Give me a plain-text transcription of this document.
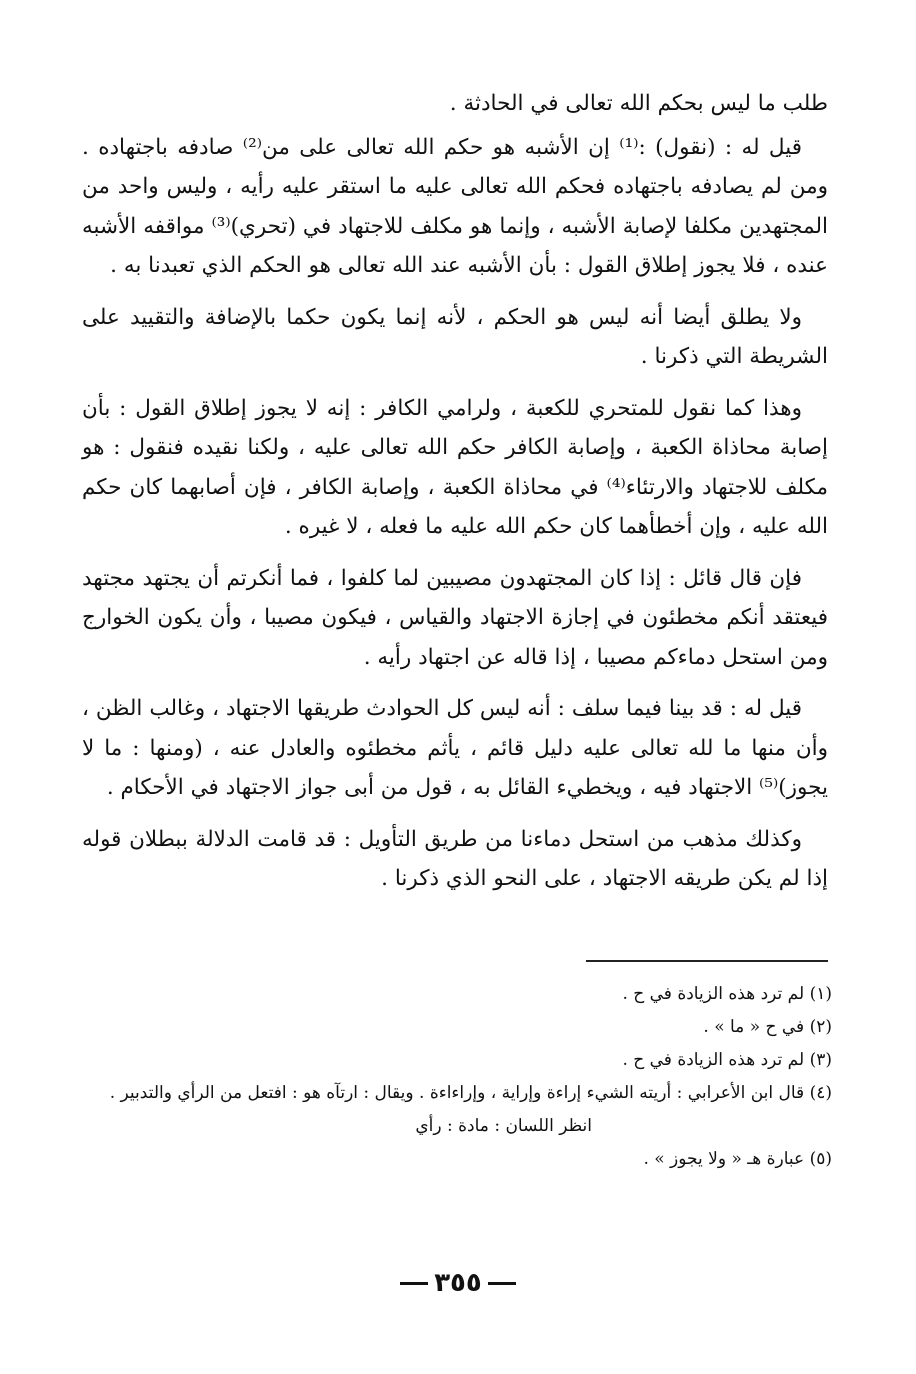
طلب ما ليس بحكم الله تعالى في الحادثة .

قيل له : (نقول) :⁽¹⁾ إن الأشبه هو حكم الله تعالى على من⁽²⁾ صادفه باجتهاده . ومن لم يصادفه باجتهاده فحكم الله تعالى عليه ما استقر عليه رأيه ، وليس واحد من المجتهدين مكلفا لإصابة الأشبه ، وإنما هو مكلف للاجتهاد في (تحري)⁽³⁾ مواقفه الأشبه عنده ، فلا يجوز إطلاق القول : بأن الأشبه عند الله تعالى هو الحكم الذي تعبدنا به .

ولا يطلق أيضا أنه ليس هو الحكم ، لأنه إنما يكون حكما بالإضافة والتقييد على الشريطة التي ذكرنا .

وهذا كما نقول للمتحري للكعبة ، ولرامي الكافر : إنه لا يجوز إطلاق القول : بأن إصابة محاذاة الكعبة ، وإصابة الكافر حكم الله تعالى عليه ، ولكنا نقيده فنقول : هو مكلف للاجتهاد والارتئاء⁽⁴⁾ في محاذاة الكعبة ، وإصابة الكافر ، فإن أصابهما كان حكم الله عليه ، وإن أخطأهما كان حكم الله عليه ما فعله ، لا غيره .

فإن قال قائل : إذا كان المجتهدون مصيبين لما كلفوا ، فما أنكرتم أن يجتهد مجتهد فيعتقد أنكم مخطئون في إجازة الاجتهاد والقياس ، فيكون مصيبا ، وأن يكون الخوارج ومن استحل دماءكم مصيبا ، إذا قاله عن اجتهاد رأيه .

قيل له : قد بينا فيما سلف : أنه ليس كل الحوادث طريقها الاجتهاد ، وغالب الظن ، وأن منها ما لله تعالى عليه دليل قائم ، يأثم مخطئوه والعادل عنه ، (ومنها : ما لا يجوز)⁽⁵⁾ الاجتهاد فيه ، ويخطيء القائل به ، قول من أبى جواز الاجتهاد في الأحكام .

وكذلك مذهب من استحل دماءنا من طريق التأويل : قد قامت الدلالة ببطلان قوله إذا لم يكن طريقه الاجتهاد ، على النحو الذي ذكرنا .

(١) لم ترد هذه الزيادة في ح .

(٢) في ح « ما » .

(٣) لم ترد هذه الزيادة في ح .

(٤) قال ابن الأعرابي : أريته الشيء إراءة وإراية ، وإراءاءة . ويقال : ارتآه هو : افتعل من الرأي والتدبير .

انظر اللسان : مادة : رأي

(٥) عبارة هـ « ولا يجوز » .

٣٥٥
